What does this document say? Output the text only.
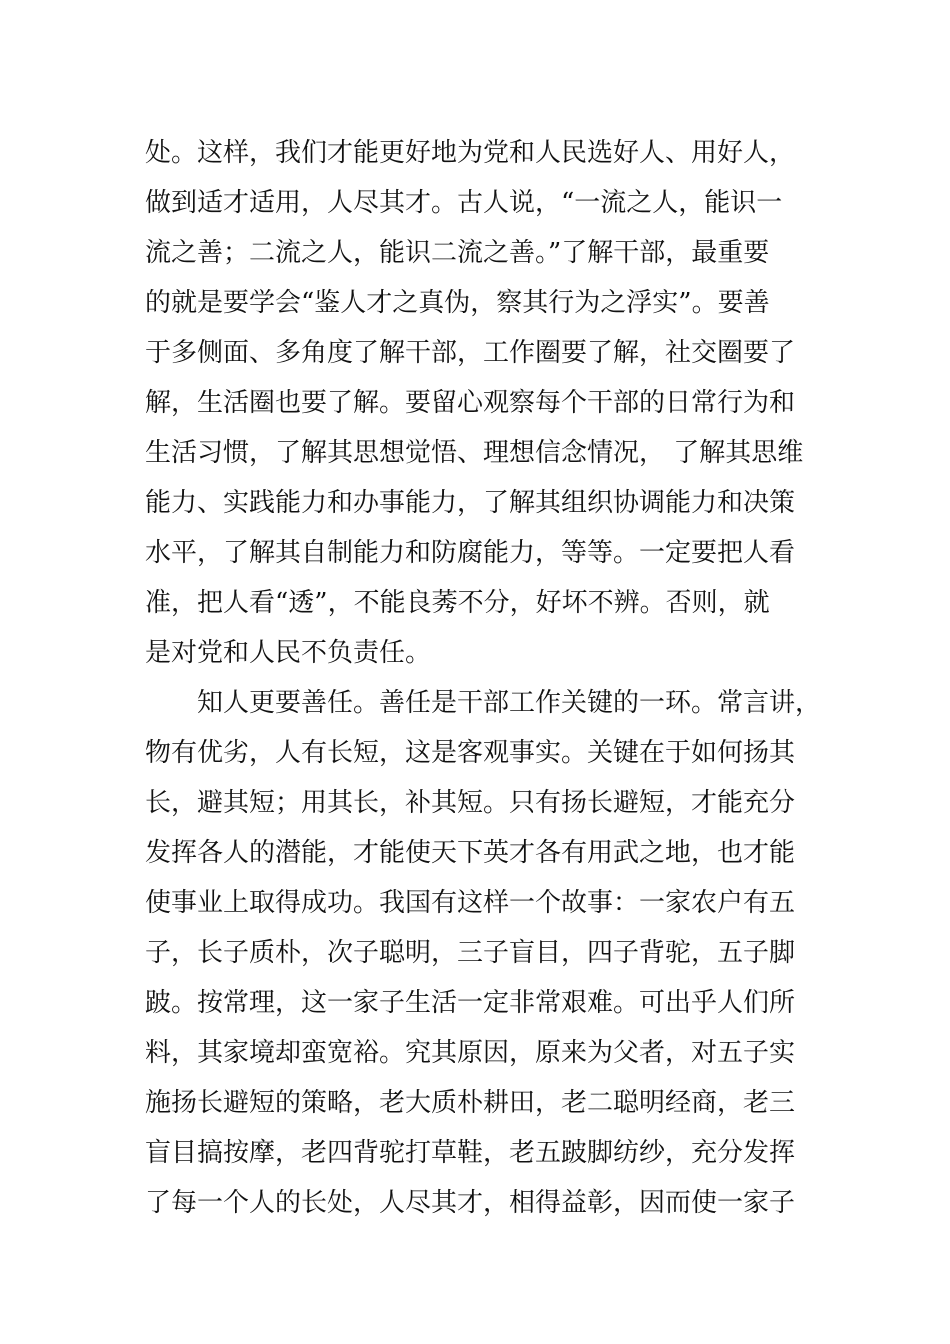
处。这样，我们才能更好地为党和人民选好人、用好人，
做到适才适用，人尽其才。古人说，“一流之人，能识一
流之善；二流之人，能识二流之善。”了解干部，最重要
的就是要学会“鉴人才之真伪，察其行为之浮实”。要善
于多侧面、多角度了解干部，工作圈要了解，社交圈要了
解，生活圈也要了解。要留心观察每个干部的日常行为和
生活习惯，了解其思想觉悟、理想信念情况， 了解其思维
能力、实践能力和办事能力，了解其组织协调能力和决策
水平，了解其自制能力和防腐能力，等等。一定要把人看
准，把人看“透”，不能良莠不分，好坏不辨。否则，就
是对党和人民不负责任。
　　知人更要善任。善任是干部工作关键的一环。常言讲，
物有优劣，人有长短，这是客观事实。关键在于如何扬其
长，避其短；用其长，补其短。只有扬长避短，才能充分
发挥各人的潜能，才能使天下英才各有用武之地，也才能
使事业上取得成功。我国有这样一个故事：一家农户有五
子，长子质朴，次子聪明，三子盲目，四子背驼，五子脚
跛。按常理，这一家子生活一定非常艰难。可出乎人们所
料，其家境却蛮宽裕。究其原因，原来为父者，对五子实
施扬长避短的策略，老大质朴耕田，老二聪明经商，老三
盲目搞按摩，老四背驼打草鞋，老五跛脚纺纱，充分发挥
了每一个人的长处，人尽其才，相得益彰，因而使一家子
